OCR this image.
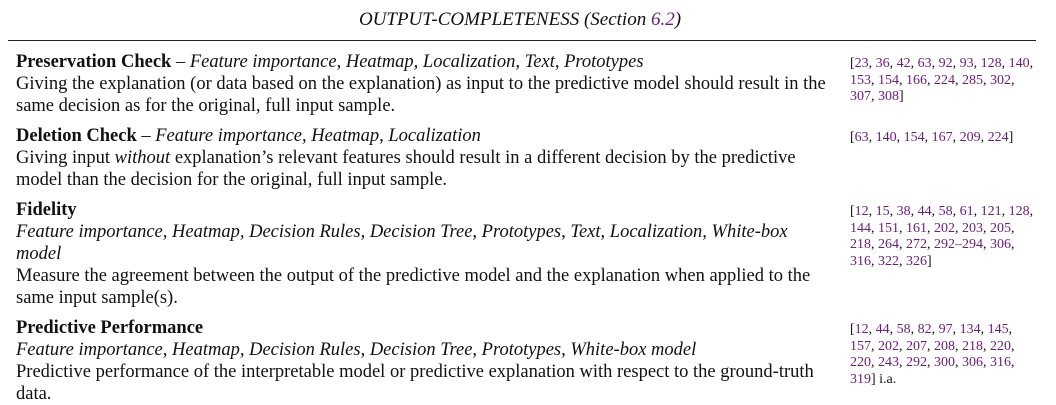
OUTPUT-COMPLETENESS (Section 6.2)
Preservation Check – Feature importance, Heatmap, Localization, Text, Prototypes
Giving the explanation (or data based on the explanation) as input to the predictive model should result in the same decision as for the original, full input sample.
[23, 36, 42, 63, 92, 93, 128, 140, 153, 154, 166, 224, 285, 302, 307, 308]
Deletion Check – Feature importance, Heatmap, Localization
Giving input without explanation’s relevant features should result in a different decision by the predictive model than the decision for the original, full input sample.
[63, 140, 154, 167, 209, 224]
Fidelity
Feature importance, Heatmap, Decision Rules, Decision Tree, Prototypes, Text, Localization, White-box model
Measure the agreement between the output of the predictive model and the explanation when applied to the same input sample(s).
[12, 15, 38, 44, 58, 61, 121, 128, 144, 151, 161, 202, 203, 205, 218, 264, 272, 292–294, 306, 316, 322, 326]
Predictive Performance
Feature importance, Heatmap, Decision Rules, Decision Tree, Prototypes, White-box model
Predictive performance of the interpretable model or predictive explanation with respect to the ground-truth data.
[12, 44, 58, 82, 97, 134, 145, 157, 202, 207, 208, 218, 220, 220, 243, 292, 300, 306, 316, 319] i.a.
